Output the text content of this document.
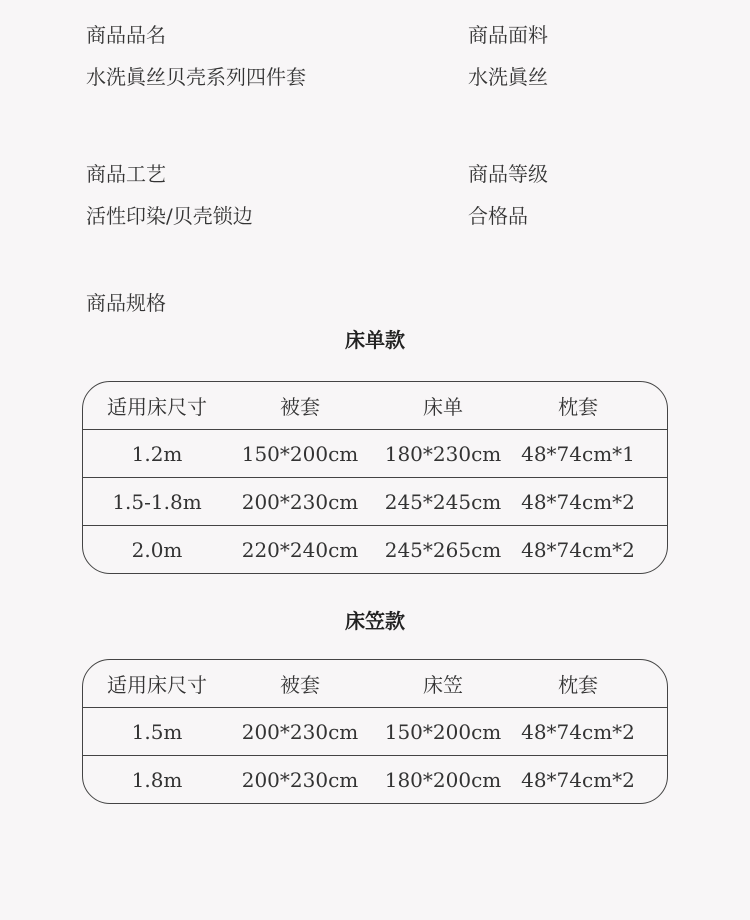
商品品名
水洗眞丝贝壳系列四件套
商品面料
水洗眞丝
商品工艺
活性印染/贝壳锁边
商品等级
合格品
商品规格
床单款
适用床尺寸	被套	床单	枕套
1.2m	150*200cm	180*230cm 48*74cm*1
1.5-1.8m	200*230cm	245*245cm 48*74cm*2
2.0m	220*240cm	245*265cm 48*74cm*2
床笠款
适用床尺寸	被套	床笠	枕套
1.5m	200*230cm	150*200cm 48*74cm*2
1.8m	200*230cm	180*200cm 48*74cm*2
